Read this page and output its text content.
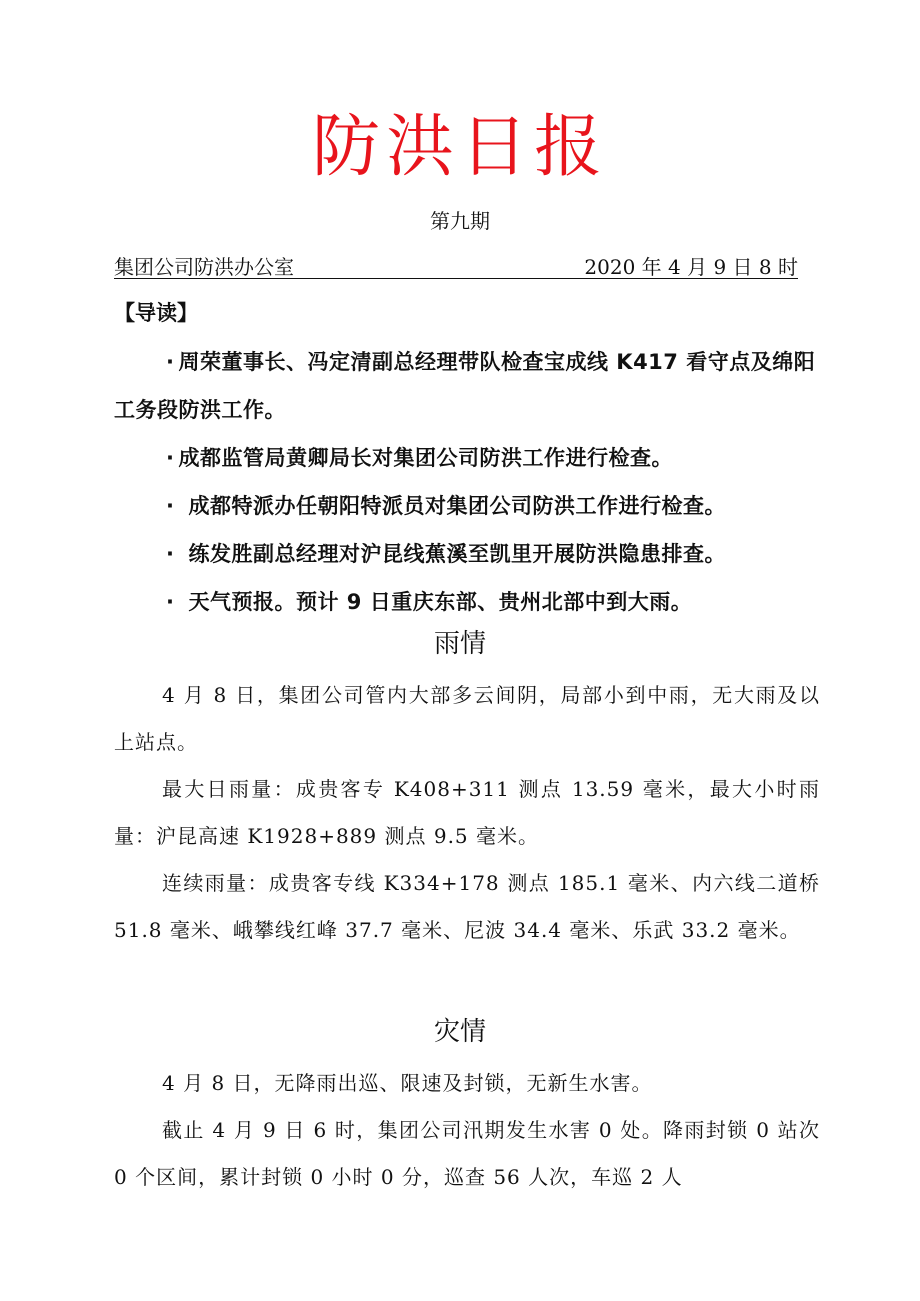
防洪日报
第九期
集团公司防洪办公室	2020 年 4 月 9 日 8 时
【导读】

· 周荣董事长、冯定清副总经理带队检查宝成线 K417 看守点及绵阳工务段防洪工作。

· 成都监管局黄卿局长对集团公司防洪工作进行检查。

· 成都特派办任朝阳特派员对集团公司防洪工作进行检查。

· 练发胜副总经理对沪昆线蕉溪至凯里开展防洪隐患排查。

· 天气预报。预计 9 日重庆东部、贵州北部中到大雨。

雨情

4 月 8 日，集团公司管内大部多云间阴，局部小到中雨，无大雨及以上站点。

最大日雨量：成贵客专 K408+311 测点 13.59 毫米，最大小时雨量：沪昆高速 K1928+889 测点 9.5 毫米。

连续雨量：成贵客专线 K334+178 测点 185.1 毫米、内六线二道桥 51.8 毫米、峨攀线红峰 37.7 毫米、尼波 34.4 毫米、乐武 33.2 毫米。

灾情

4 月 8 日，无降雨出巡、限速及封锁，无新生水害。

截止 4 月 9 日 6 时，集团公司汛期发生水害 0 处。降雨封锁 0 站次 0 个区间，累计封锁 0 小时 0 分，巡查 56 人次，车巡 2 人
